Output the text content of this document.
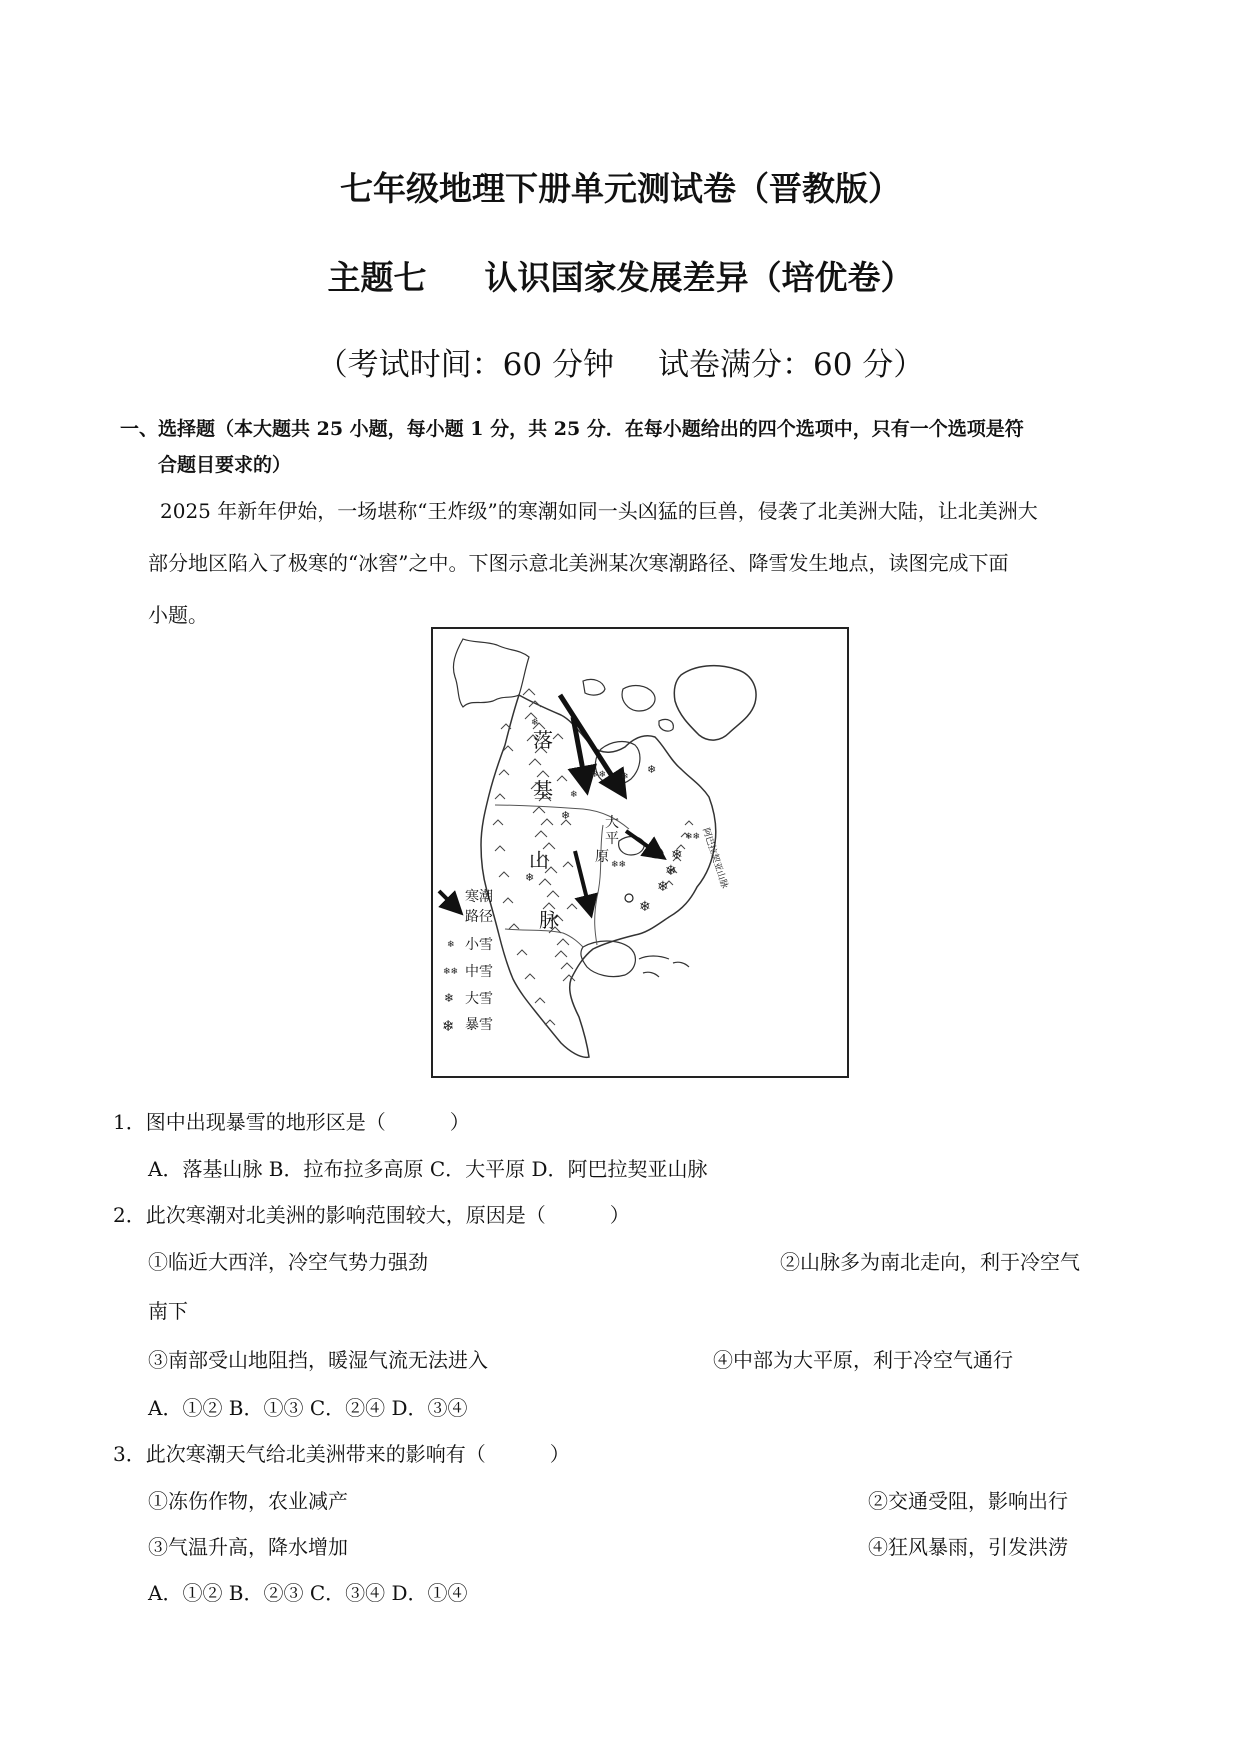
七年级地理下册单元测试卷（晋教版）
主题七 认识国家发展差异（培优卷）
（考试时间：60 分钟 试卷满分：60 分）
一、选择题（本大题共 25 小题，每小题 1 分，共 25 分．在每小题给出的四个选项中，只有一个选项是符
合题目要求的）
2025 年新年伊始，一场堪称“王炸级”的寒潮如同一头凶猛的巨兽，侵袭了北美洲大陆，让北美洲大
部分地区陷入了极寒的“冰窖”之中。下图示意北美洲某次寒潮路径、降雪发生地点，读图完成下面
小题。
❄
❄
❄❄ ❄
❄
❄
❄❄
❄
❄
❄
❄
❄
❄❄
落
基
山
脉
大
平
原	阿巴拉契亚山脉
寒潮
路径
❄ 小雪
❄❄ 中雪
❄ 大雪
❄ 暴雪
1．图中出现暴雪的地形区是（	）
A．落基山脉 B．拉布拉多高原 C．大平原 D．阿巴拉契亚山脉
2．此次寒潮对北美洲的影响范围较大，原因是（	）
①临近大西洋，冷空气势力强劲	②山脉多为南北走向，利于冷空气
南下
③南部受山地阻挡，暖湿气流无法进入	④中部为大平原，利于冷空气通行
A．①② B．①③ C．②④ D．③④
3．此次寒潮天气给北美洲带来的影响有（	）
①冻伤作物，农业减产	②交通受阻，影响出行
③气温升高，降水增加	④狂风暴雨，引发洪涝
A．①② B．②③ C．③④ D．①④
